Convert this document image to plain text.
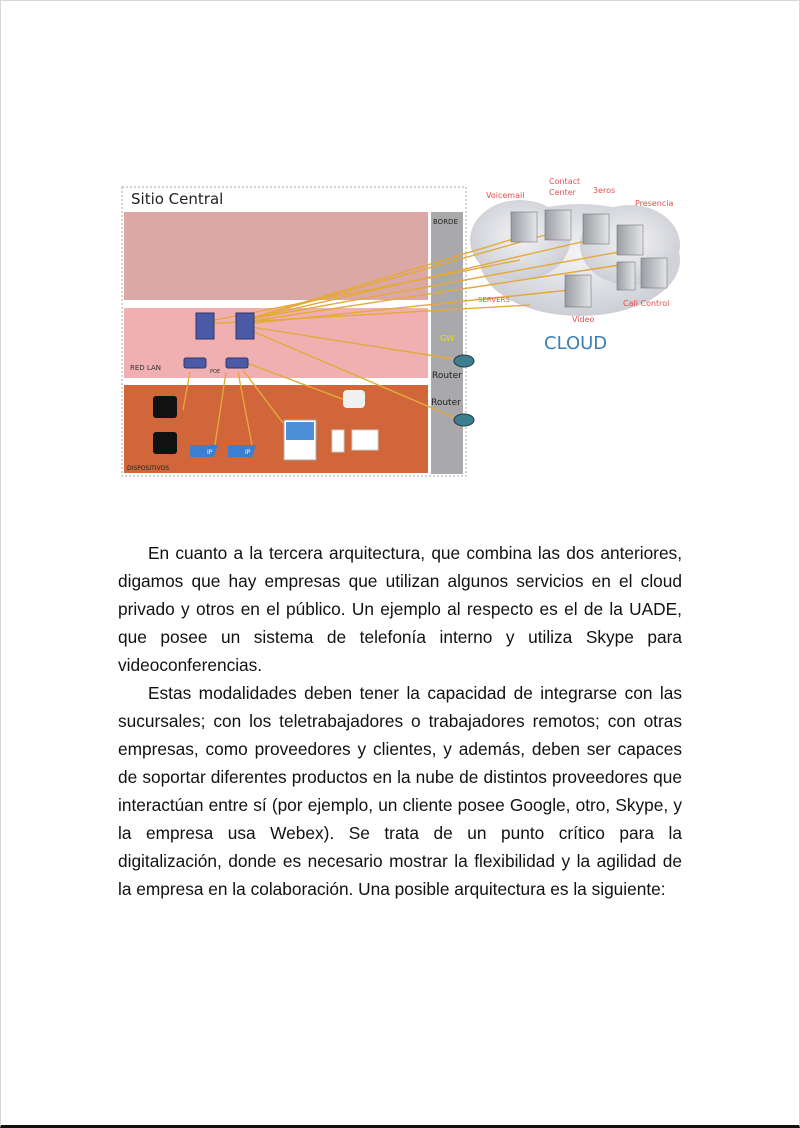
Sitio Central
BORDE
GW
Router
Router
RED LAN	POE
DISPOSITIVOS
IP	IP
SERVERS
CLOUD
Voicemail
Contact
Center 3eros
Presencia
Call Control
Video

En cuanto a la tercera arquitectura, que combina las dos anteriores, digamos que hay empresas que utilizan algunos servicios en el cloud privado y otros en el público. Un ejemplo al respecto es el de la UADE, que posee un sistema de telefonía interno y utiliza Skype para videoconferencias.

Estas modalidades deben tener la capacidad de integrarse con las sucursales; con los teletrabajadores o trabajadores remotos; con otras empresas, como proveedores y clientes, y además, deben ser capaces de soportar diferentes productos en la nube de distintos proveedores que interactúan entre sí (por ejemplo, un cliente posee Google, otro, Skype, y la empresa usa Webex). Se trata de un punto crítico para la digitalización, donde es necesario mostrar la flexibilidad y la agilidad de la empresa en la colaboración. Una posible arquitectura es la siguiente:
